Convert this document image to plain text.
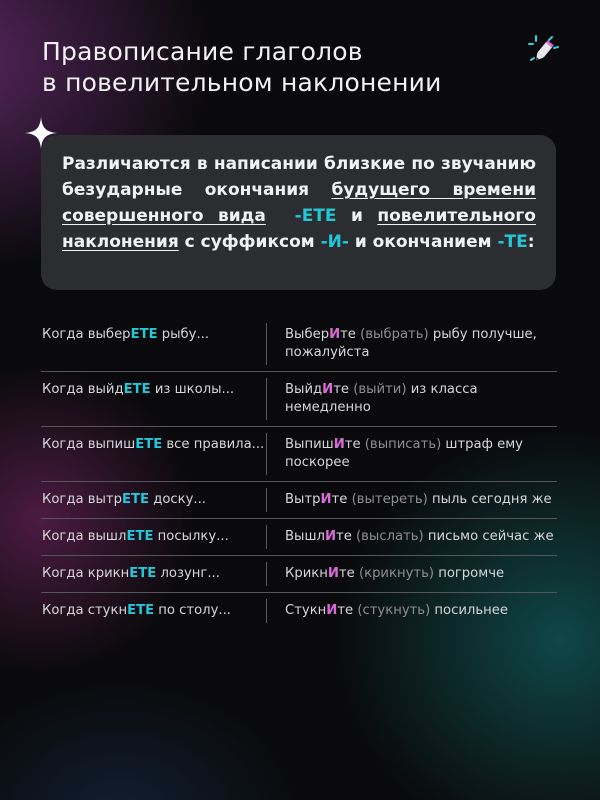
Правописание глаголов
в повелительном наклонении
Различаются в написании близкие по звучанию безударные окончания будущего времени совершенного вида -ЕТЕ и повелительного наклонения с суффиксом -И- и окончанием -ТЕ:
Когда выберЕТЕ рыбу...	ВыберИте (выбрать) рыбу получше, пожалуйста
Когда выйдЕТЕ из школы...	ВыйдИте (выйти) из класса немедленно
Когда выпишЕТЕ все правила... ВыпишИте (выписать) штраф ему поскорее
Когда вытрЕТЕ доску...	ВытрИте (вытереть) пыль сегодня же
Когда вышлЕТЕ посылку...	ВышлИте (выслать) письмо сейчас же
Когда крикнЕТЕ лозунг...	КрикнИте (крикнуть) погромче
Когда стукнЕТЕ по столу...	СтукнИте (стукнуть) посильнее
